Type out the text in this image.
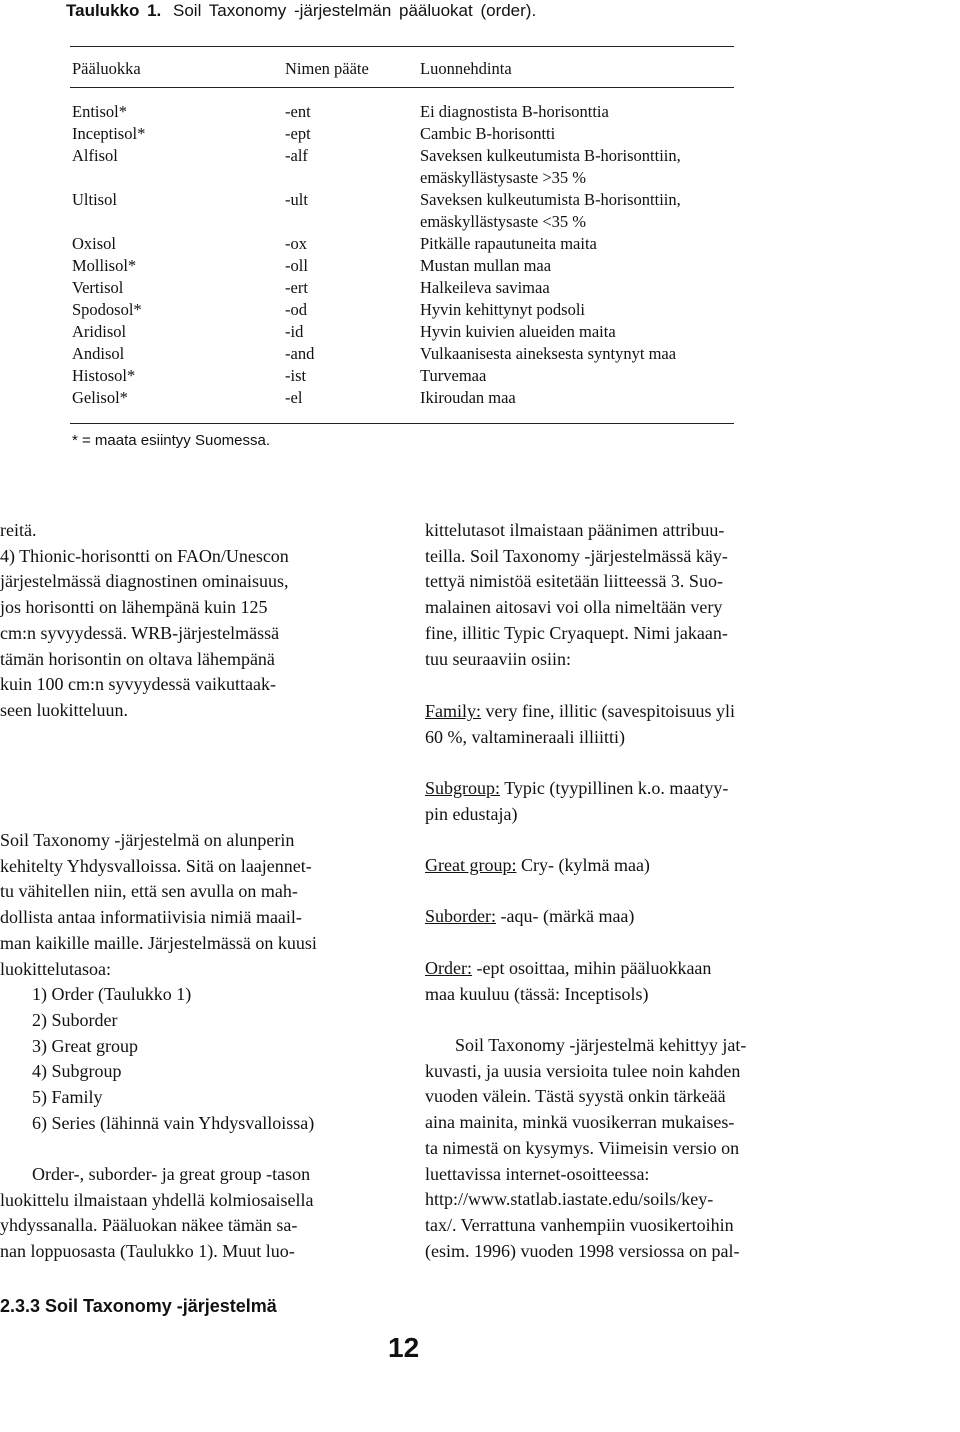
Taulukko 1. Soil Taxonomy -järjestelmän pääluokat (order).
Pääluokka	Nimen pääte	Luonnehdinta
Entisol*	-ent	Ei diagnostista B-horisonttia
Inceptisol*	-ept	Cambic B-horisontti
Alfisol	-alf	Saveksen kulkeutumista B-horisonttiin,
emäskyllästysaste >35 %
Ultisol	-ult	Saveksen kulkeutumista B-horisonttiin,
emäskyllästysaste <35 %
Oxisol	-ox	Pitkälle rapautuneita maita
Mollisol*	-oll	Mustan mullan maa
Vertisol	-ert	Halkeileva savimaa
Spodosol*	-od	Hyvin kehittynyt podsoli
Aridisol	-id	Hyvin kuivien alueiden maita
Andisol	-and	Vulkaanisesta aineksesta syntynyt maa
Histosol*	-ist	Turvemaa
Gelisol*	-el	Ikiroudan maa
* = maata esiintyy Suomessa.

reitä.

4) Thionic-horisontti on FAOn/Unescon

järjestelmässä diagnostinen ominaisuus,

jos horisontti on lähempänä kuin 125

cm:n syvyydessä. WRB-järjestelmässä

tämän horisontin on oltava lähempänä

kuin 100 cm:n syvyydessä vaikuttaak-

seen luokitteluun.

2.3.3 Soil Taxonomy -järjestelmä

Soil Taxonomy -järjestelmä on alunperin

kehitelty Yhdysvalloissa. Sitä on laajennet-

tu vähitellen niin, että sen avulla on mah-

dollista antaa informatiivisia nimiä maail-

man kaikille maille. Järjestelmässä on kuusi

luokittelutasoa:

1) Order (Taulukko 1)

2) Suborder

3) Great group

4) Subgroup

5) Family

6) Series (lähinnä vain Yhdysvalloissa)

Order-, suborder- ja great group -tason

luokittelu ilmaistaan yhdellä kolmiosaisella

yhdyssanalla. Pääluokan näkee tämän sa-

nan loppuosasta (Taulukko 1). Muut luo-

kittelutasot ilmaistaan päänimen attribuu-

teilla. Soil Taxonomy -järjestelmässä käy-

tettyä nimistöä esitetään liitteessä 3. Suo-

malainen aitosavi voi olla nimeltään very

fine, illitic Typic Cryaquept. Nimi jakaan-

tuu seuraaviin osiin:

Family: very fine, illitic (savespitoisuus yli

60 %, valtamineraali illiitti)

Subgroup: Typic (tyypillinen k.o. maatyy-

pin edustaja)

Great group: Cry- (kylmä maa)

Suborder: -aqu- (märkä maa)

Order: -ept osoittaa, mihin pääluokkaan

maa kuuluu (tässä: Inceptisols)

Soil Taxonomy -järjestelmä kehittyy jat-

kuvasti, ja uusia versioita tulee noin kahden

vuoden välein. Tästä syystä onkin tärkeää

aina mainita, minkä vuosikerran mukaises-

ta nimestä on kysymys. Viimeisin versio on

luettavissa internet-osoitteessa:

http://www.statlab.iastate.edu/soils/key-

tax/. Verrattuna vanhempiin vuosikertoihin

(esim. 1996) vuoden 1998 versiossa on pal-

12
